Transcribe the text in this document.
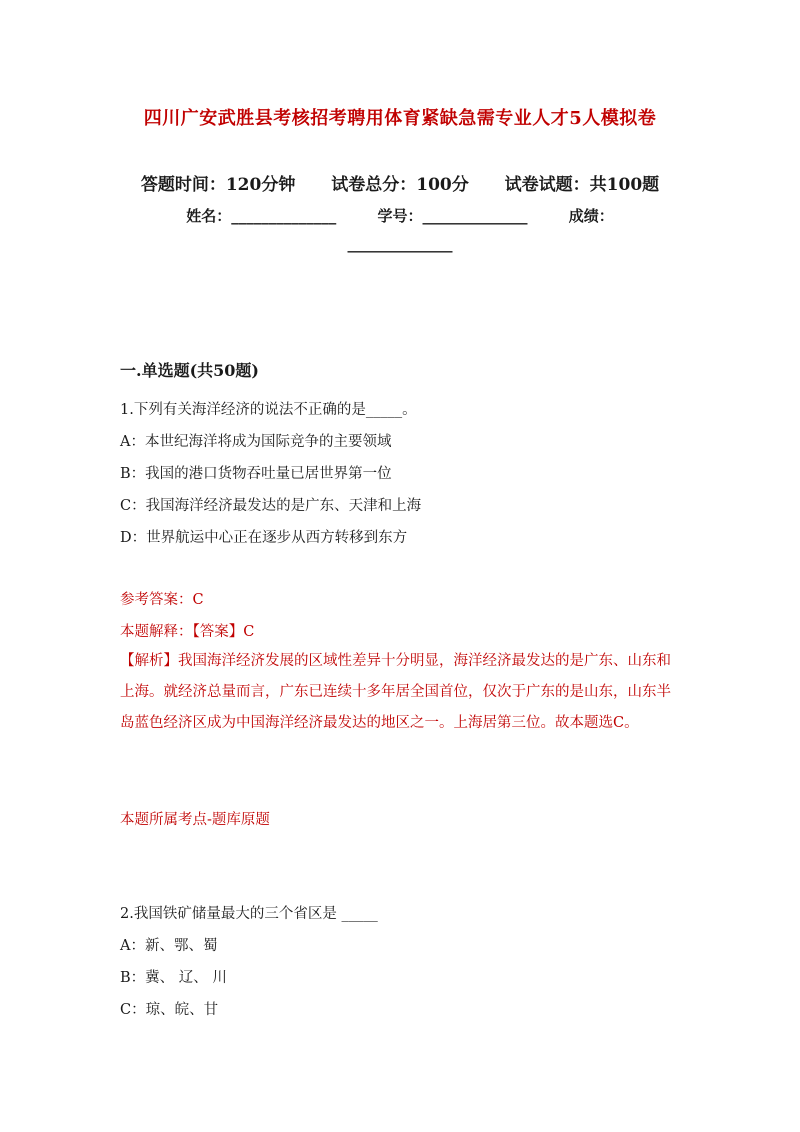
四川广安武胜县考核招考聘用体育紧缺急需专业人才5人模拟卷
答题时间：120分钟 试卷总分：100分 试卷试题：共100题
姓名：______________	学号：______________	成绩：
______________
一.单选题(共50题)
1.下列有关海洋经济的说法不正确的是_____。
A：本世纪海洋将成为国际竞争的主要领域
B：我国的港口货物吞吐量已居世界第一位
C：我国海洋经济最发达的是广东、天津和上海
D：世界航运中心正在逐步从西方转移到东方
参考答案：C
本题解释：【答案】C
【解析】我国海洋经济发展的区域性差异十分明显，海洋经济最发达的是广东、山东和上海。就经济总量而言，广东已连续十多年居全国首位，仅次于广东的是山东，山东半岛蓝色经济区成为中国海洋经济最发达的地区之一。上海居第三位。故本题选C。
本题所属考点-题库原题
2.我国铁矿储量最大的三个省区是 _____
A：新、鄂、蜀
B：冀、 辽、 川
C：琼、皖、甘
